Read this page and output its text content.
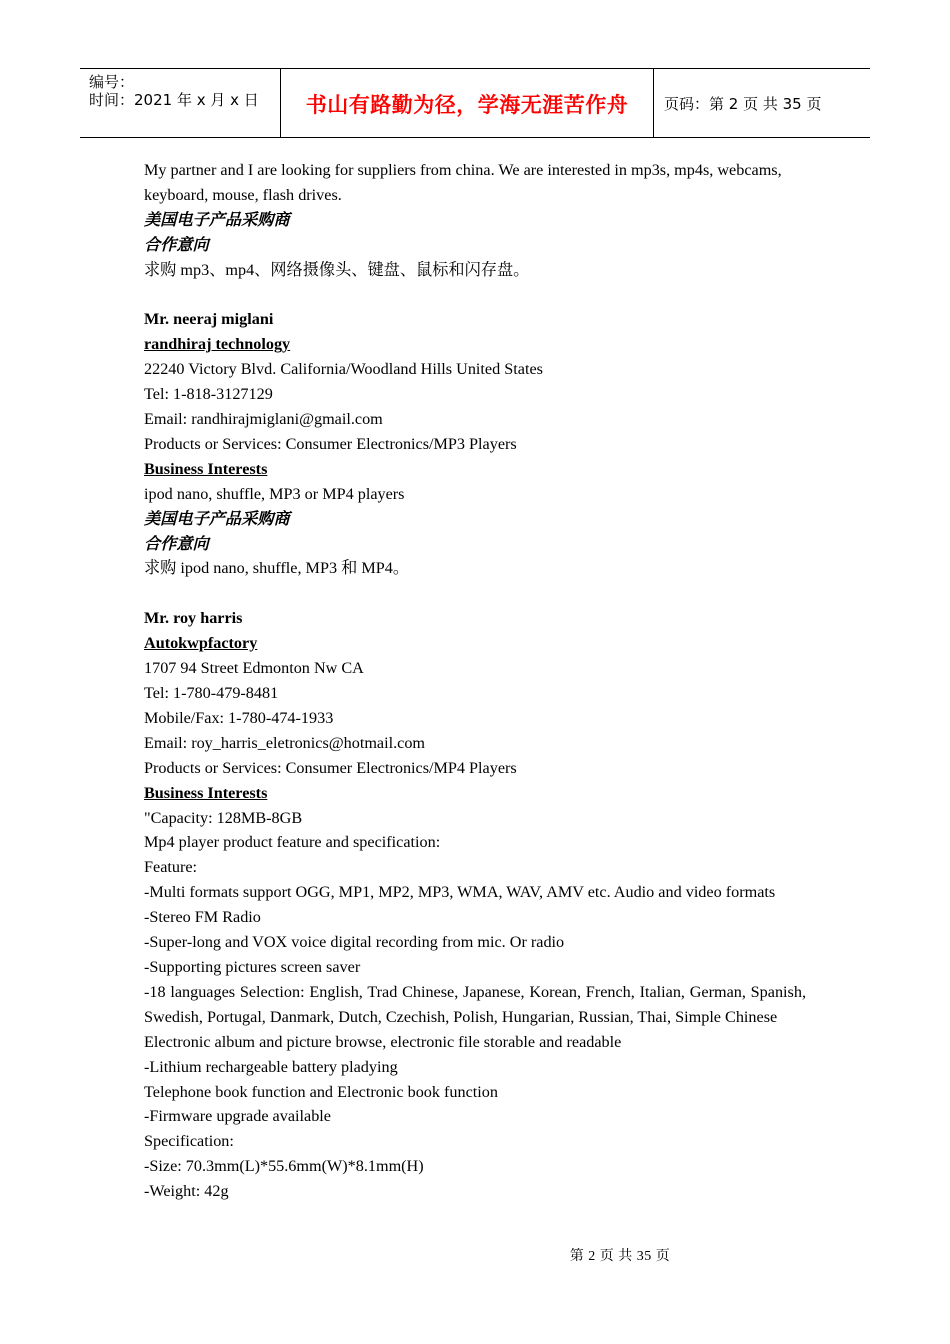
编号：
时间：2021 年 x 月 x 日	书山有路勤为径，学海无涯苦作舟	页码：第 2 页 共 35 页

My partner and I are looking for suppliers from china. We are interested in mp3s, mp4s, webcams, keyboard, mouse, flash drives.

美国电子产品采购商

合作意向

求购 mp3、mp4、网络摄像头、键盘、鼠标和闪存盘。

Mr. neeraj miglani

randhiraj technology

22240 Victory Blvd. California/Woodland Hills United States

Tel: 1-818-3127129

Email: randhirajmiglani@gmail.com

Products or Services: Consumer Electronics/MP3 Players

Business Interests

ipod nano, shuffle, MP3 or MP4 players

美国电子产品采购商

合作意向

求购 ipod nano, shuffle, MP3 和 MP4。

Mr. roy harris

Autokwpfactory

1707 94 Street Edmonton Nw CA

Tel: 1-780-479-8481

Mobile/Fax: 1-780-474-1933

Email: roy_harris_eletronics@hotmail.com

Products or Services: Consumer Electronics/MP4 Players

Business Interests

"Capacity: 128MB-8GB

Mp4 player product feature and specification:

Feature:

-Multi formats support OGG, MP1, MP2, MP3, WMA, WAV, AMV etc. Audio and video formats

-Stereo FM Radio

-Super-long and VOX voice digital recording from mic. Or radio

-Supporting pictures screen saver

-18 languages Selection: English, Trad Chinese, Japanese, Korean, French, Italian, German, Spanish, Swedish, Portugal, Danmark, Dutch, Czechish, Polish, Hungarian, Russian, Thai, Simple Chinese

Electronic album and picture browse, electronic file storable and readable

-Lithium rechargeable battery pladying

Telephone book function and Electronic book function

-Firmware upgrade available

Specification:

-Size: 70.3mm(L)*55.6mm(W)*8.1mm(H)

-Weight: 42g

第 2 页 共 35 页
